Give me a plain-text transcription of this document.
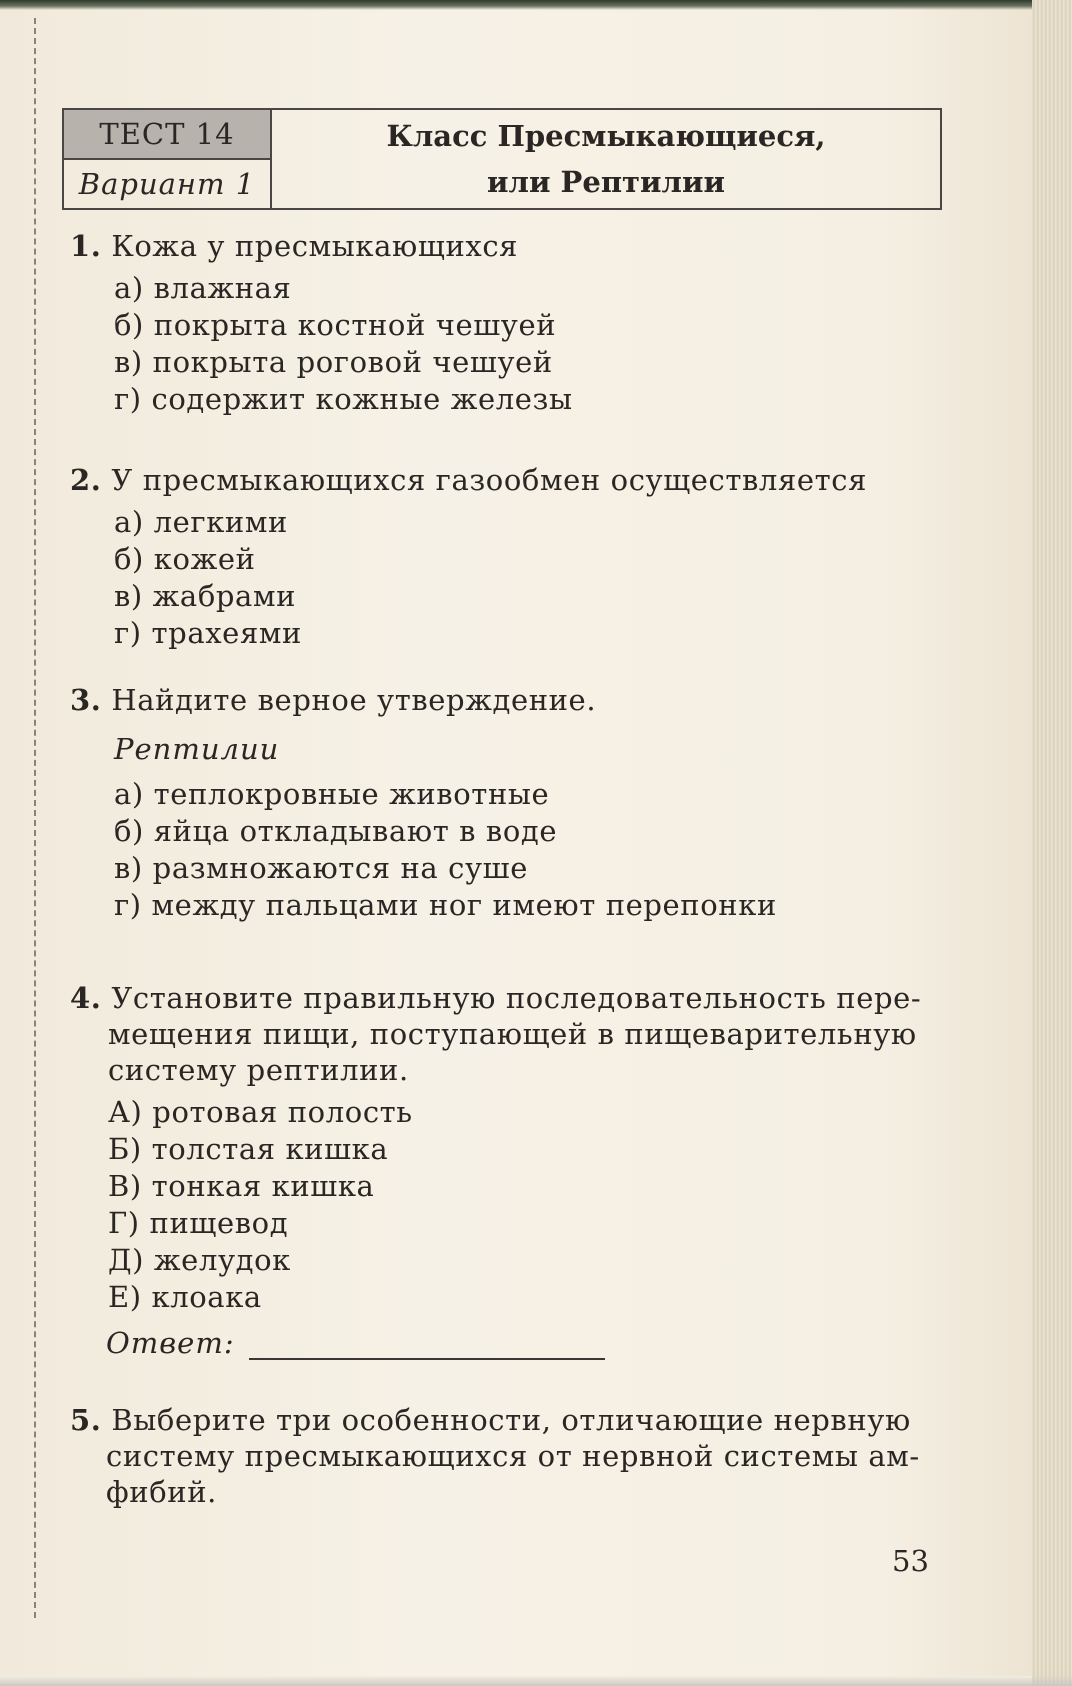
ТЕСТ 14
Вариант 1
Класс Пресмыкающиеся,
или Рептилии
1. Кожа у пресмыкающихся
а) влажная
б) покрыта костной чешуей
в) покрыта роговой чешуей
г) содержит кожные железы
2. У пресмыкающихся газообмен осуществляется
а) легкими
б) кожей
в) жабрами
г) трахеями
3. Найдите верное утверждение.
Рептилии
а) теплокровные животные
б) яйца откладывают в воде
в) размножаются на суше
г) между пальцами ног имеют перепонки
4. Установите правильную последовательность пере-
мещения пищи, поступающей в пищеварительную
систему рептилии.
А) ротовая полость
Б) толстая кишка
В) тонкая кишка
Г) пищевод
Д) желудок
Е) клоака
Ответ:
5. Выберите три особенности, отличающие нервную
систему пресмыкающихся от нервной системы ам-
фибий.
53
